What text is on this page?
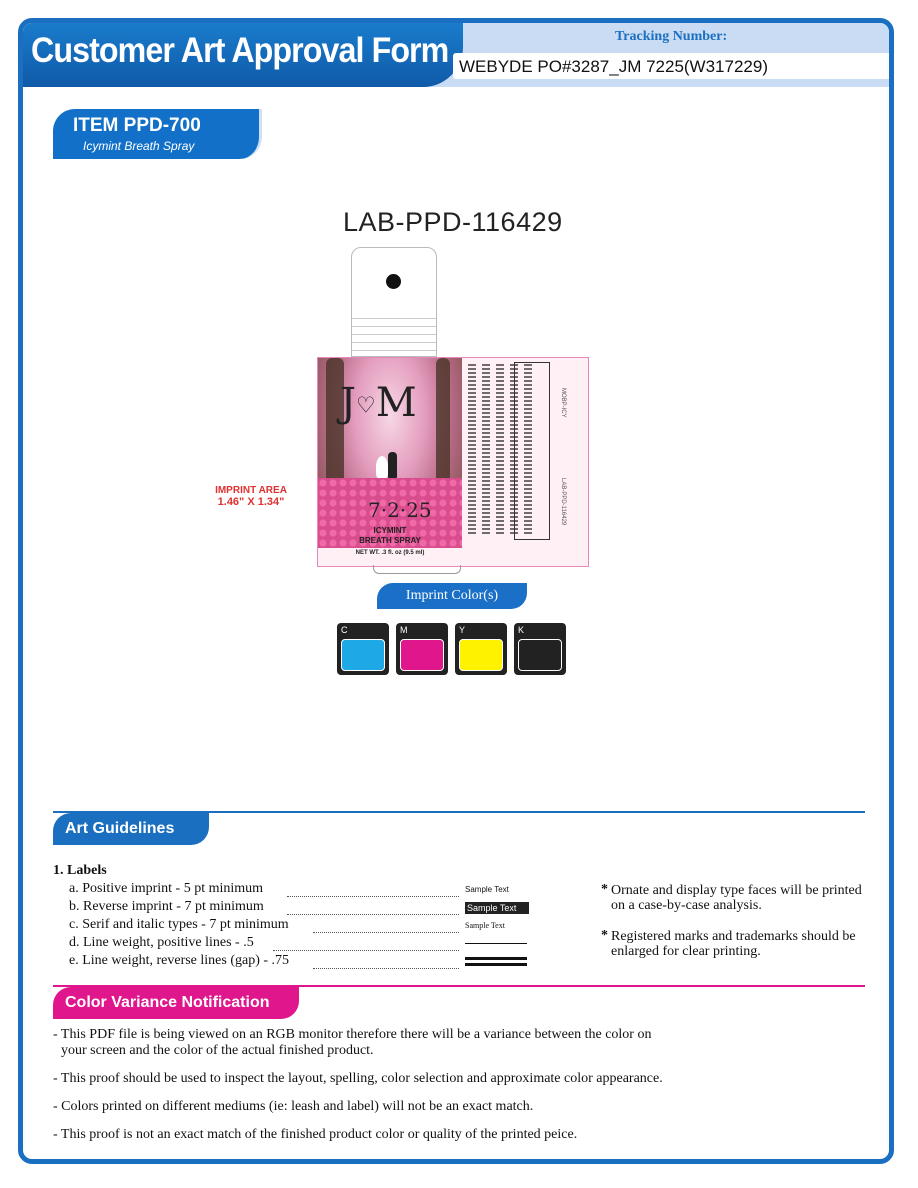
Customer Art Approval Form	Tracking Number:
WEBYDE PO#3287_JM 7225(W317229)
ITEM PPD-700
Icymint Breath Spray
LAB-PPD-116429
J♡M
7·2·25
ICYMINT
BREATH SPRAY
NET WT. .3 fl. oz (9.5 ml)
MOBP-ICY
LAB-PPD-116429
IMPRINT AREA
1.46" X 1.34"
Imprint Color(s)
C	M	Y	K
Art Guidelines
1. Labels
a. Positive imprint - 5 pt minimum	Sample Text
b. Reverse imprint - 7 pt minimum	Sample Text
c. Serif and italic types - 7 pt minimum	Sample Text
d. Line weight, positive lines - .5
e. Line weight, reverse lines (gap) - .75
* Ornate and display type faces will be printed on a case-by-case analysis.
* Registered marks and trademarks should be enlarged for clear printing.
Color Variance Notification
- This PDF file is being viewed on an RGB monitor therefore there will be a variance between the color on
your screen and the color of the actual finished product.
- This proof should be used to inspect the layout, spelling, color selection and approximate color appearance.
- Colors printed on different mediums (ie: leash and label) will not be an exact match.
- This proof is not an exact match of the finished product color or quality of the printed peice.
